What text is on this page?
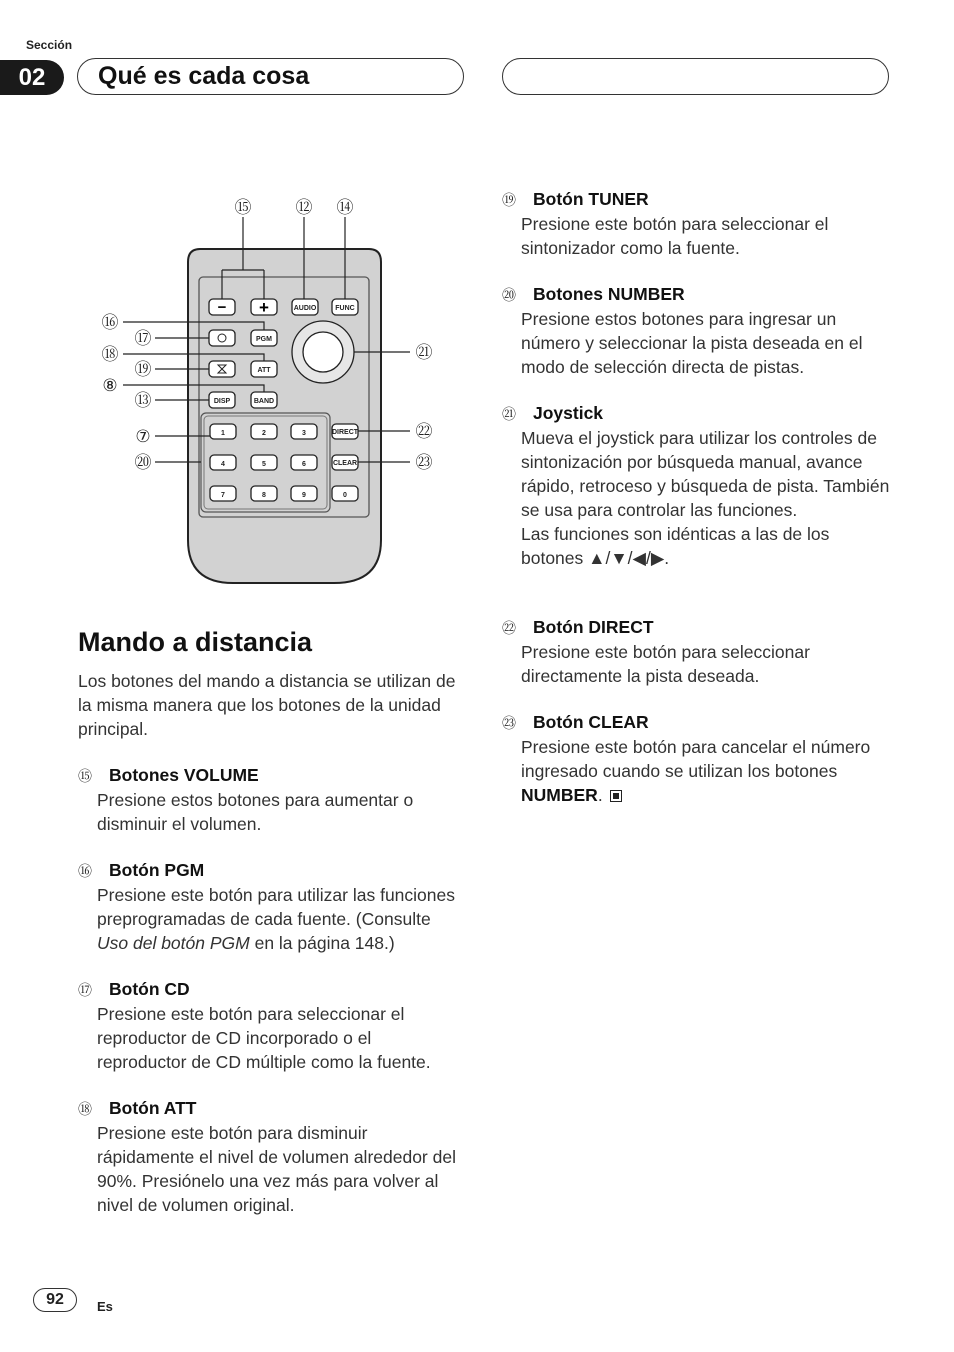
Sección
02	Qué es cada cosa
− +	AUDIO	FUNC
PGM
ATT
DISP	BAND
1	2	3
4	5	6
7	8	9	0
DIRECT
CLEAR
⑮	⑫ ⑭
⑯
⑰
⑱
⑲
⑧
⑬
⑦
⑳
㉑
㉒
㉓
Mando a distancia
Los botones del mando a distancia se utilizan de la misma manera que los botones de la unidad principal.
⑮ Botones VOLUME
Presione estos botones para aumentar o disminuir el volumen.
⑯ Botón PGM
Presione este botón para utilizar las funciones preprogramadas de cada fuente. (Consulte Uso del botón PGM en la página 148.)
⑰ Botón CD
Presione este botón para seleccionar el reproductor de CD incorporado o el reproductor de CD múltiple como la fuente.
⑱ Botón ATT
Presione este botón para disminuir rápidamente el nivel de volumen alrededor del 90%. Presiónelo una vez más para volver al nivel de volumen original.
⑲ Botón TUNER
Presione este botón para seleccionar el sintonizador como la fuente.
⑳ Botones NUMBER
Presione estos botones para ingresar un número y seleccionar la pista deseada en el modo de selección directa de pistas.
㉑ Joystick
Mueva el joystick para utilizar los controles de sintonización por búsqueda manual, avance rápido, retroceso y búsqueda de pista. También se usa para controlar las funciones.
Las funciones son idénticas a las de los botones ▲/▼/◀/▶.
㉒ Botón DIRECT
Presione este botón para seleccionar directamente la pista deseada.
㉓ Botón CLEAR
Presione este botón para cancelar el número ingresado cuando se utilizan los botones NUMBER.
92	Es
